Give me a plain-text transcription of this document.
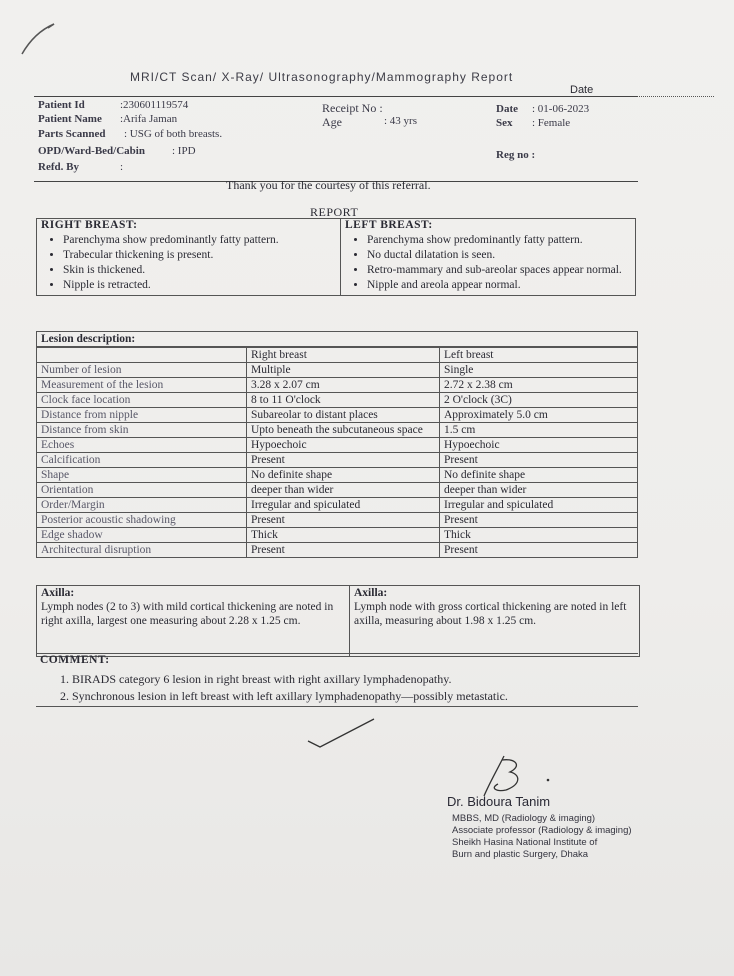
MRI/CT Scan/ X-Ray/ Ultrasonography/Mammography Report
Date
Patient Id	:230601119574
Patient Name :Arifa Jaman
Parts Scanned : USG of both breasts.
OPD/Ward-Bed/Cabin : IPD
Refd. By	:
Receipt No :
Age	: 43 yrs
Date : 01-06-2023
Sex : Female
Reg no :
Thank you for the courtesy of this referral.
REPORT
RIGHT BREAST:
• Parenchyma show predominantly fatty pattern.
• Trabecular thickening is present.
• Skin is thickened.
• Nipple is retracted.

LEFT BREAST:
• Parenchyma show predominantly fatty pattern.
• No ductal dilatation is seen.
• Retro-mammary and sub-areolar spaces appear normal.
• Nipple and areola appear normal.
Lesion description:
	Right breast	Left breast
Number of lesion	Multiple	Single
Measurement of the lesion	3.28 x 2.07 cm	2.72 x 2.38 cm
Clock face location	8 to 11 O'clock	2 O'clock (3C)
Distance from nipple	Subareolar to distant places	Approximately 5.0 cm
Distance from skin	Upto beneath the subcutaneous space	1.5 cm
Echoes	Hypoechoic	Hypoechoic
Calcification	Present	Present
Shape	No definite shape	No definite shape
Orientation	deeper than wider	deeper than wider
Order/Margin	Irregular and spiculated	Irregular and spiculated
Posterior acoustic shadowing	Present	Present
Edge shadow	Thick	Thick
Architectural disruption	Present	Present
Axilla:
Lymph nodes (2 to 3) with mild cortical thickening are noted in right axilla, largest one measuring about 2.28 x 1.25 cm.
Axilla:
Lymph node with gross cortical thickening are noted in left axilla, measuring about 1.98 x 1.25 cm.
COMMENT:
1. BIRADS category 6 lesion in right breast with right axillary lymphadenopathy.
2. Synchronous lesion in left breast with left axillary lymphadenopathy—possibly metastatic.
Dr. Bidoura Tanim
MBBS, MD (Radiology & imaging)
Associate professor (Radiology & imaging)
Sheikh Hasina National Institute of
Burn and plastic Surgery, Dhaka
